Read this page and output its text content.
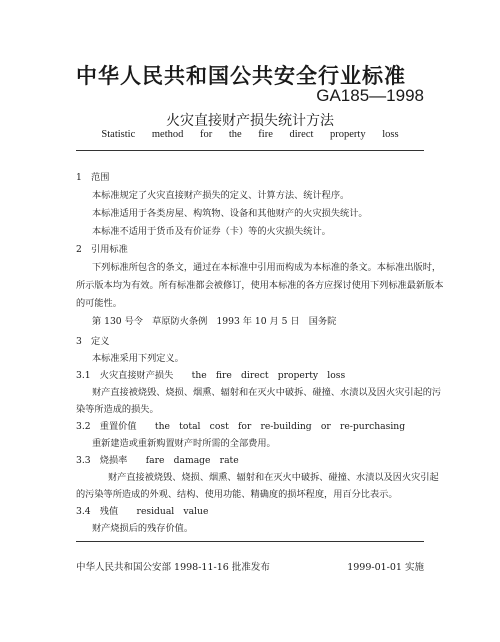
中华人民共和国公共安全行业标准
GA185—1998
火灾直接财产损失统计方法
Statistic method for the fire direct property loss
1　范围
本标准规定了火灾直接财产损失的定义、计算方法、统计程序。
本标准适用于各类房屋、构筑物、设备和其他财产的火灾损失统计。
本标准不适用于货币及有价证券（卡）等的火灾损失统计。
2　引用标准
下列标准所包含的条文，通过在本标准中引用而构成为本标准的条文。本标准出版时，
所示版本均为有效。所有标准都会被修订，使用本标准的各方应探讨使用下列标准最新版本
的可能性。
第 130 号令　草原防火条例　1993 年 10 月 5 日　国务院
3　定义
本标准采用下列定义。
3.1　火灾直接财产损失　　the　fire　direct　property　loss
财产直接被烧毁、烧损、烟熏、辐射和在灭火中破拆、碰撞、水渍以及因火灾引起的污
染等所造成的损失。
3.2　重置价值　　the　total　cost　for　re-building　or　re-purchasing
重新建造或重新购置财产时所需的全部费用。
3.3　烧损率　　fare　damage　rate
财产直接被烧毁、烧损、烟熏、辐射和在灭火中破拆、碰撞、水渍以及因火灾引起
的污染等所造成的外观、结构、使用功能、精确度的损坏程度，用百分比表示。
中华人民共和国公安部 1998-11-16 批准发布	1999-01-01 实施
3.4　残值　　residual　value
财产烧损后的残存价值。
